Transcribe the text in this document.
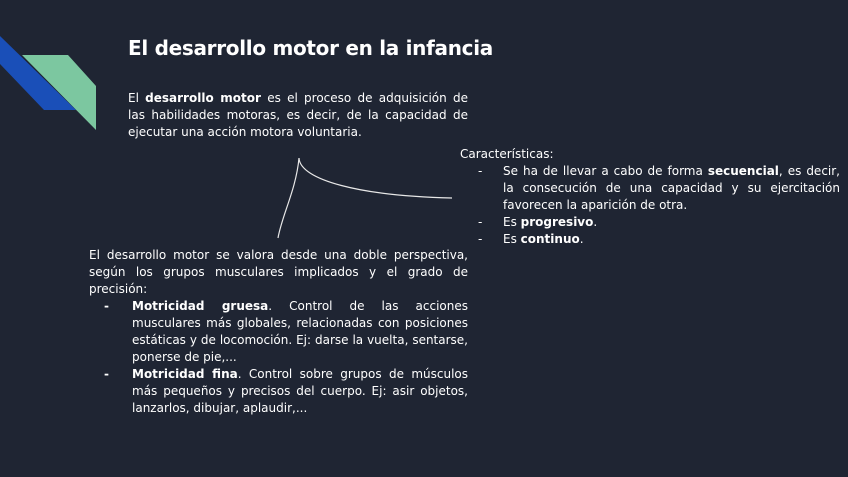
El desarrollo motor en la infancia
El desarrollo motor es el proceso de adquisición de las habilidades motoras, es decir, de la capacidad de ejecutar una acción motora voluntaria.
Características:
- Se ha de llevar a cabo de forma secuencial, es decir, la consecución de una capacidad y su ejercitación favorecen la aparición de otra.
- Es progresivo.
- Es continuo.
El desarrollo motor se valora desde una doble perspectiva, según los grupos musculares implicados y el grado de precisión:
- Motricidad gruesa. Control de las acciones musculares más globales, relacionadas con posiciones estáticas y de locomoción. Ej: darse la vuelta, sentarse, ponerse de pie,...
- Motricidad fina. Control sobre grupos de músculos más pequeños y precisos del cuerpo. Ej: asir objetos, lanzarlos, dibujar, aplaudir,...
